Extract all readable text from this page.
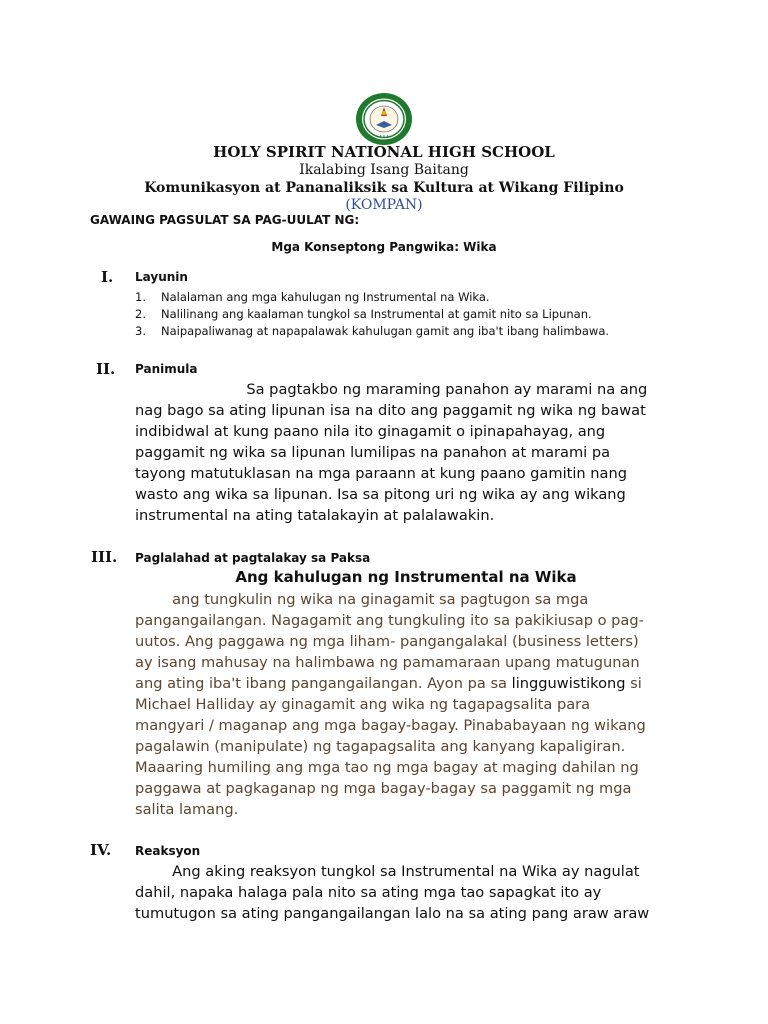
✦ ✦ ✦
HOLY SPIRIT NATIONAL HIGH SCHOOL
Ikalabing Isang Baitang
Komunikasyon at Pananaliksik sa Kultura at Wikang Filipino
(KOMPAN)
GAWAING PAGSULAT SA PAG-UULAT NG:
Mga Konseptong Pangwika: Wika
I. Layunin
1. Nalalaman ang mga kahulugan ng Instrumental na Wika.
2. Nalilinang ang kaalaman tungkol sa Instrumental at gamit nito sa Lipunan.
3. Naipapaliwanag at napapalawak kahulugan gamit ang iba't ibang halimbawa.
II. Panimula
Sa pagtakbo ng maraming panahon ay marami na ang
nag bago sa ating lipunan isa na dito ang paggamit ng wika ng bawat
indibidwal at kung paano nila ito ginagamit o ipinapahayag, ang
paggamit ng wika sa lipunan lumilipas na panahon at marami pa
tayong matutuklasan na mga paraann at kung paano gamitin nang
wasto ang wika sa lipunan. Isa sa pitong uri ng wika ay ang wikang
instrumental na ating tatalakayin at palalawakin.
III. Paglalahad at pagtalakay sa Paksa
Ang kahulugan ng Instrumental na Wika
ang tungkulin ng wika na ginagamit sa pagtugon sa mga
pangangailangan. Nagagamit ang tungkuling ito sa pakikiusap o pag-
uutos. Ang paggawa ng mga liham- pangangalakal (business letters)
ay isang mahusay na halimbawa ng pamamaraan upang matugunan
ang ating iba't ibang pangangailangan. Ayon pa sa lingguwistikong si
Michael Halliday ay ginagamit ang wika ng tagapagsalita para
mangyari / maganap ang mga bagay-bagay. Pinababayaan ng wikang
pagalawin (manipulate) ng tagapagsalita ang kanyang kapaligiran.
Maaaring humiling ang mga tao ng mga bagay at maging dahilan ng
paggawa at pagkaganap ng mga bagay-bagay sa paggamit ng mga
salita lamang.
IV. Reaksyon
Ang aking reaksyon tungkol sa Instrumental na Wika ay nagulat
dahil, napaka halaga pala nito sa ating mga tao sapagkat ito ay
tumutugon sa ating pangangailangan lalo na sa ating pang araw araw
